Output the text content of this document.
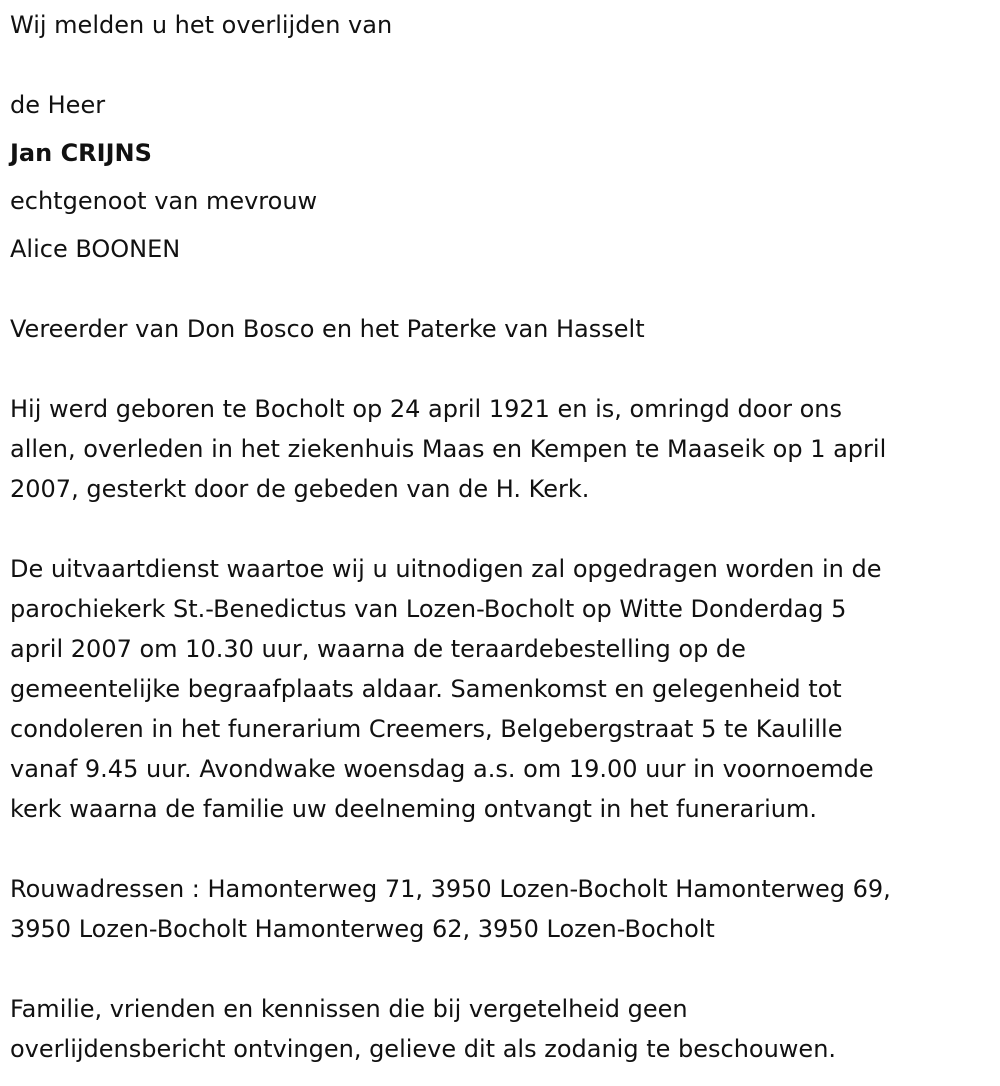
Wij melden u het overlijden van
de Heer
Jan CRIJNS
echtgenoot van mevrouw
Alice BOONEN
Vereerder van Don Bosco en het Paterke van Hasselt
Hij werd geboren te Bocholt op 24 april 1921 en is, omringd door ons
allen, overleden in het ziekenhuis Maas en Kempen te Maaseik op 1 april
2007, gesterkt door de gebeden van de H. Kerk.
De uitvaartdienst waartoe wij u uitnodigen zal opgedragen worden in de
parochiekerk St.-Benedictus van Lozen-Bocholt op Witte Donderdag 5
april 2007 om 10.30 uur, waarna de teraardebestelling op de
gemeentelijke begraafplaats aldaar. Samenkomst en gelegenheid tot
condoleren in het funerarium Creemers, Belgebergstraat 5 te Kaulille
vanaf 9.45 uur. Avondwake woensdag a.s. om 19.00 uur in voornoemde
kerk waarna de familie uw deelneming ontvangt in het funerarium.
Rouwadressen : Hamonterweg 71, 3950 Lozen-Bocholt Hamonterweg 69,
3950 Lozen-Bocholt Hamonterweg 62, 3950 Lozen-Bocholt
Familie, vrienden en kennissen die bij vergetelheid geen
overlijdensbericht ontvingen, gelieve dit als zodanig te beschouwen.
